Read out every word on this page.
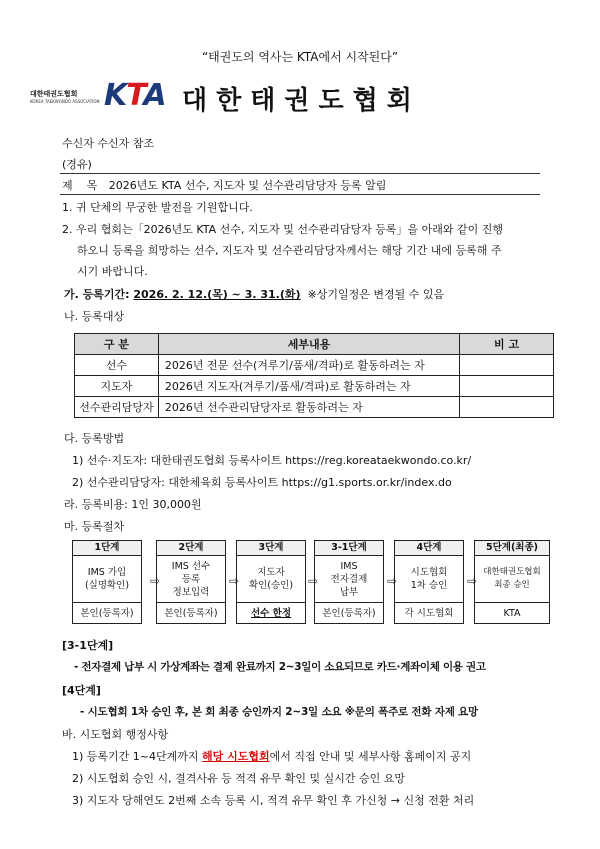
“태권도의 역사는 KTA에서 시작된다”
대한태권도협회
KOREA TAEKWONDO ASSOCIATION KTA 대한태권도협회
수신자 수신자 참조
(경유)
제    목 2026년도 KTA 선수, 지도자 및 선수관리담당자 등록 알림
1. 귀 단체의 무궁한 발전을 기원합니다.
2. 우리 협회는「2026년도 KTA 선수, 지도자 및 선수관리담당자 등록」을 아래와 같이 진행
하오니 등록을 희망하는 선수, 지도자 및 선수관리담당자께서는 해당 기간 내에 등록해 주
시기 바랍니다.
가. 등록기간: 2026. 2. 12.(목) ~ 3. 31.(화)  ※상기일정은 변경될 수 있음
나. 등록대상
구 분	세부내용	비 고
선수	2026년 전문 선수(겨루기/품새/격파)로 활동하려는 자	
지도자	2026년 지도자(겨루기/품새/격파)로 활동하려는 자	
선수관리담당자	2026년 선수관리담당자로 활동하려는 자	
다. 등록방법
1) 선수·지도자: 대한태권도협회 등록사이트 https://reg.koreataekwondo.co.kr/
2) 선수관리담당자: 대한체육회 등록사이트 https://g1.sports.or.kr/index.do
라. 등록비용: 1인 30,000원
마. 등록절차
1단계
IMS 가입
(실명확인)
본인(등록자)
⇨
2단계
IMS 선수
등록
정보입력
본인(등록자)
⇨
3단계
지도자
확인(승인)
선수 한정
⇨
3-1단계
IMS
전자결제
납부
본인(등록자)
⇨
4단계
시도협회
1차 승인
각 시도협회
⇨
5단계(최종)
대한태권도협회
최종 승인
KTA
[3-1단계]
- 전자결제 납부 시 가상계좌는 결제 완료까지 2~3일이 소요되므로 카드·계좌이체 이용 권고
[4단계]
- 시도협회 1차 승인 후, 본 회 최종 승인까지 2~3일 소요 ※문의 폭주로 전화 자제 요망
바. 시도협회 행정사항
1) 등록기간 1~4단계까지 해당 시도협회에서 직접 안내 및 세부사항 홈페이지 공지
2) 시도협회 승인 시, 결격사유 등 적격 유무 확인 및 실시간 승인 요망
3) 지도자 당해연도 2번째 소속 등록 시, 적격 유무 확인 후 가신청 → 신청 전환 처리
